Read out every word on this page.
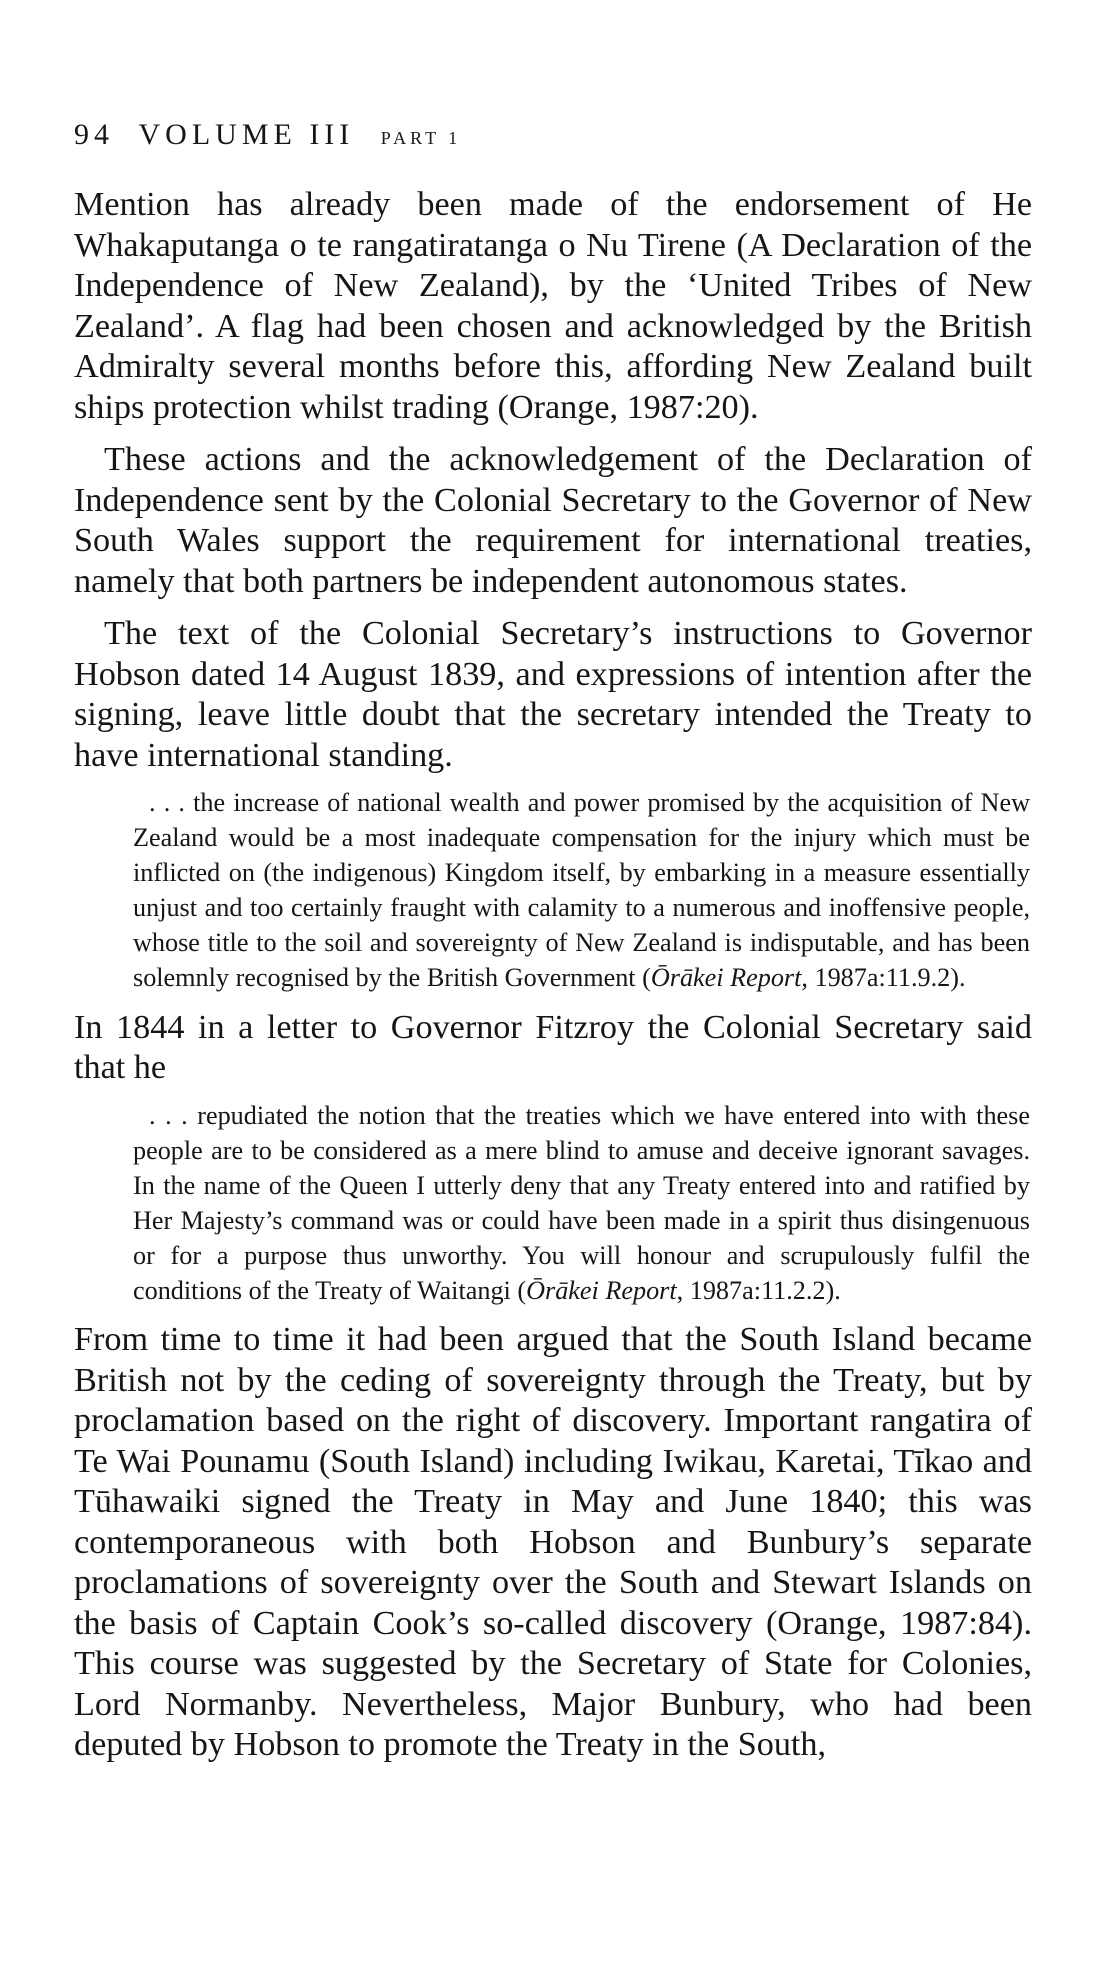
94 VOLUME III PART 1

Mention has already been made of the endorsement of He Whakaputanga o te rangatiratanga o Nu Tirene (A Declaration of the Independence of New Zealand), by the ‘United Tribes of New Zealand’. A flag had been chosen and acknowledged by the British Admiralty several months before this, affording New Zealand built ships protection whilst trading (Orange, 1987:20).

These actions and the acknowledgement of the Declaration of Independence sent by the Colonial Secretary to the Governor of New South Wales support the requirement for international treaties, namely that both partners be independent autonomous states.

The text of the Colonial Secretary’s instructions to Governor Hobson dated 14 August 1839, and expressions of intention after the signing, leave little doubt that the secretary intended the Treaty to have international standing.

. . . the increase of national wealth and power promised by the acquisition of New Zealand would be a most inadequate compensation for the injury which must be inflicted on (the indigenous) Kingdom itself, by embarking in a measure essentially unjust and too certainly fraught with calamity to a numerous and inoffensive people, whose title to the soil and sovereignty of New Zealand is indisputable, and has been solemnly recognised by the British Government (Ōrākei Report, 1987a:11.9.2).

In 1844 in a letter to Governor Fitzroy the Colonial Secretary said that he

. . . repudiated the notion that the treaties which we have entered into with these people are to be considered as a mere blind to amuse and deceive ignorant savages. In the name of the Queen I utterly deny that any Treaty entered into and ratified by Her Majesty’s command was or could have been made in a spirit thus disingenuous or for a purpose thus unworthy. You will honour and scrupulously fulfil the conditions of the Treaty of Waitangi (Ōrākei Report, 1987a:11.2.2).

From time to time it had been argued that the South Island became British not by the ceding of sovereignty through the Treaty, but by proclamation based on the right of discovery. Important rangatira of Te Wai Pounamu (South Island) including Iwikau, Karetai, Tīkao and Tūhawaiki signed the Treaty in May and June 1840; this was contemporaneous with both Hobson and Bunbury’s separate proclamations of sovereignty over the South and Stewart Islands on the basis of Captain Cook’s so-called discovery (Orange, 1987:84). This course was suggested by the Secretary of State for Colonies, Lord Normanby. Nevertheless, Major Bunbury, who had been deputed by Hobson to promote the Treaty in the South,
